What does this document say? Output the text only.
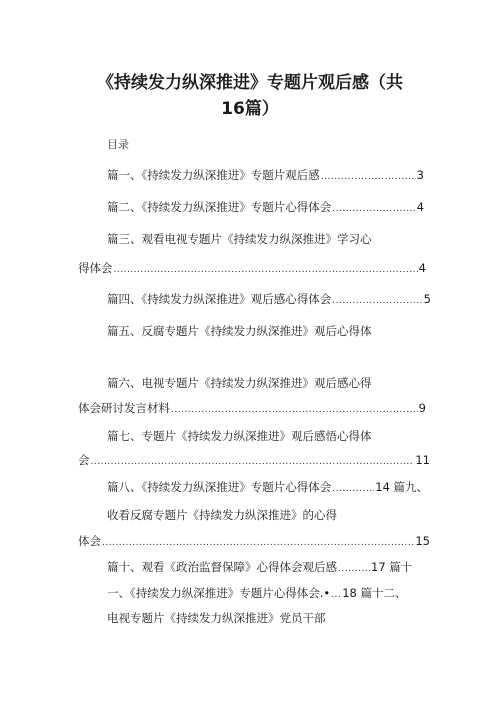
《持续发力纵深推进》专题片观后感（共
16篇）
目录
篇一、《持续发力纵深推进》专题片观后感 .....	3
篇二、《持续发力纵深推进》专题片心得体会 .....	4
篇三、观看电视专题片《持续发力纵深推进》学习心
得体会 .....	4
篇四、《持续发力纵深推进》观后感心得体会 .....	5
篇五、反腐专题片《持续发力纵深推进》观后心得体
篇六、电视专题片《持续发力纵深推进》观后感心得
体会研讨发言材料 .....	9
篇七、专题片《持续发力纵深推进》观后感悟心得体
会 .....	11
篇八、《持续发力纵深推进》专题片心得体会 .....	14 篇九、
收看反腐专题片《持续发力纵深推进》的心得
体会 .....	15
篇十、观看《政治监督保障》心得体会观后感 .....	17 篇十
一、《持续发力纵深推进》专题片心得体会.• ..... 18 篇十二、
电视专题片《持续发力纵深推进》党员干部
